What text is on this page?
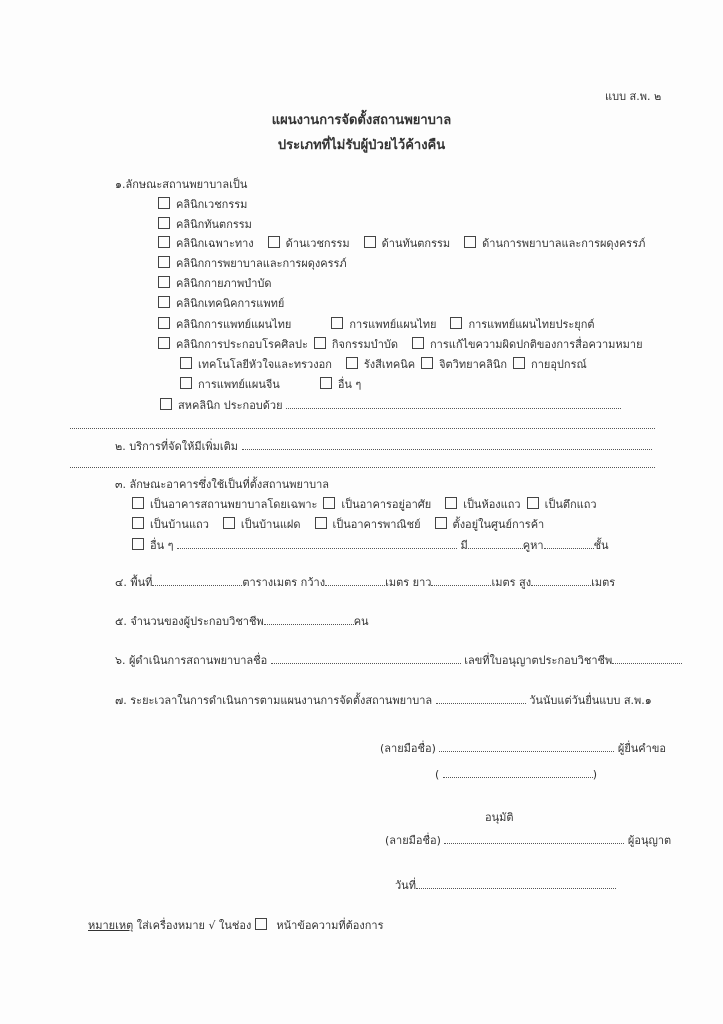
แบบ ส.พ. ๒
แผนงานการจัดตั้งสถานพยาบาล
ประเภทที่ไม่รับผู้ป่วยไว้ค้างคืน
๑.ลักษณะสถานพยาบาลเป็น
คลินิกเวชกรรม
คลินิกทันตกรรม
คลินิกเฉพาะทาง	ด้านเวชกรรม	ด้านทันตกรรม	ด้านการพยาบาลและการผดุงครรภ์
คลินิกการพยาบาลและการผดุงครรภ์
คลินิกกายภาพบำบัด
คลินิกเทคนิคการแพทย์
คลินิกการแพทย์แผนไทย	การแพทย์แผนไทย	การแพทย์แผนไทยประยุกต์
คลินิกการประกอบโรคศิลปะ กิจกรรมบำบัด	การแก้ไขความผิดปกติของการสื่อความหมาย
เทคโนโลยีหัวใจและทรวงอก	รังสีเทคนิค จิตวิทยาคลินิก กายอุปกรณ์
การแพทย์แผนจีน	อื่น ๆ
สหคลินิก ประกอบด้วย
๒. บริการที่จัดให้มีเพิ่มเติม
๓. ลักษณะอาคารซึ่งใช้เป็นที่ตั้งสถานพยาบาล
เป็นอาคารสถานพยาบาลโดยเฉพาะ เป็นอาคารอยู่อาศัย	เป็นห้องแถว เป็นตึกแถว
เป็นบ้านแถว	เป็นบ้านแฝด	เป็นอาคารพาณิชย์	ตั้งอยู่ในศูนย์การค้า
อื่น ๆ	มี	คูหา	ชั้น
๔. พื้นที่	ตารางเมตร กว้าง	เมตร ยาว	เมตร สูง	เมตร
๕. จำนวนของผู้ประกอบวิชาชีพ	คน
๖. ผู้ดำเนินการสถานพยาบาลชื่อ	เลขที่ใบอนุญาตประกอบวิชาชีพ
๗. ระยะเวลาในการดำเนินการตามแผนงานการจัดตั้งสถานพยาบาล	วันนับแต่วันยื่นแบบ ส.พ.๑
(ลายมือชื่อ)	ผู้ยื่นคำขอ
(	)
อนุมัติ
(ลายมือชื่อ)	ผู้อนุญาต
วันที่
หมายเหตุ ใส่เครื่องหมาย √ ในช่อง หน้าข้อความที่ต้องการ
